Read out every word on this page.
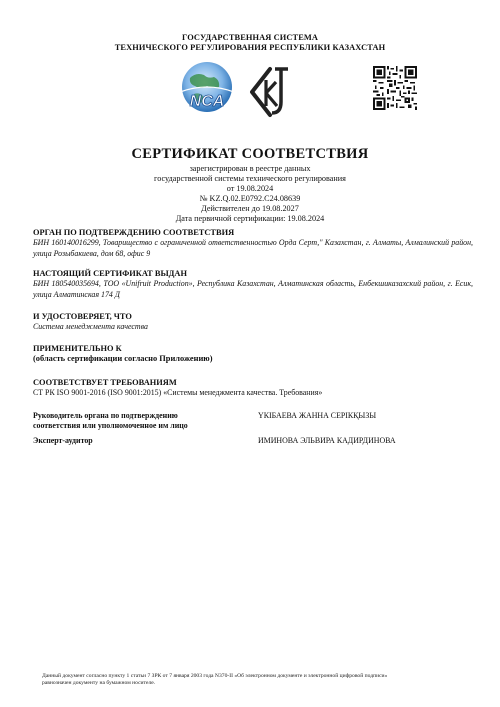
ГОСУДАРСТВЕННАЯ СИСТЕМА
ТЕХНИЧЕСКОГО РЕГУЛИРОВАНИЯ РЕСПУБЛИКИ КАЗАХСТАН
NCA
СЕРТИФИКАТ СООТВЕТСТВИЯ
зарегистрирован в реестре данных
государственной системы технического регулирования
от 19.08.2024
№ KZ.Q.02.E0792.C24.08639
Действителен до 19.08.2027
Дата первичной сертификации: 19.08.2024
ОРГАН ПО ПОДТВЕРЖДЕНИЮ СООТВЕТСТВИЯ
БИН 160140016299, Товарищество с ограниченной ответственностью Орда Серт," Казахстан, г. Алматы, Алмалинский район, улица Розыбакиева, дом 68, офис 9
НАСТОЯЩИЙ СЕРТИФИКАТ ВЫДАН
БИН 180540035694, ТОО «Unifruit Production», Республика Казахстан, Алматинская область, Енбекшиказахский район, г. Есик, улица Алматинская 174 Д
И УДОСТОВЕРЯЕТ, ЧТО
Система менеджмента качества
ПРИМЕНИТЕЛЬНО К
(область сертификации согласно Приложению)
СООТВЕТСТВУЕТ ТРЕБОВАНИЯМ
СТ РК ISO 9001-2016 (ISO 9001:2015) «Системы менеджмента качества. Требования»
Руководитель органа по подтверждению
соответствия или уполномоченное им лицо
ҮКІБАЕВА ЖАННА СЕРІКҚЫЗЫ
Эксперт-аудитор	ИМИНОВА ЭЛЬВИРА КАДИРДИНОВА
Данный документ согласно пункту 1 статьи 7 ЗРК от 7 января 2003 года N370-II «Об электронном документе и электронной цифровой подписи»
равнозначен документу на бумажном носителе.
